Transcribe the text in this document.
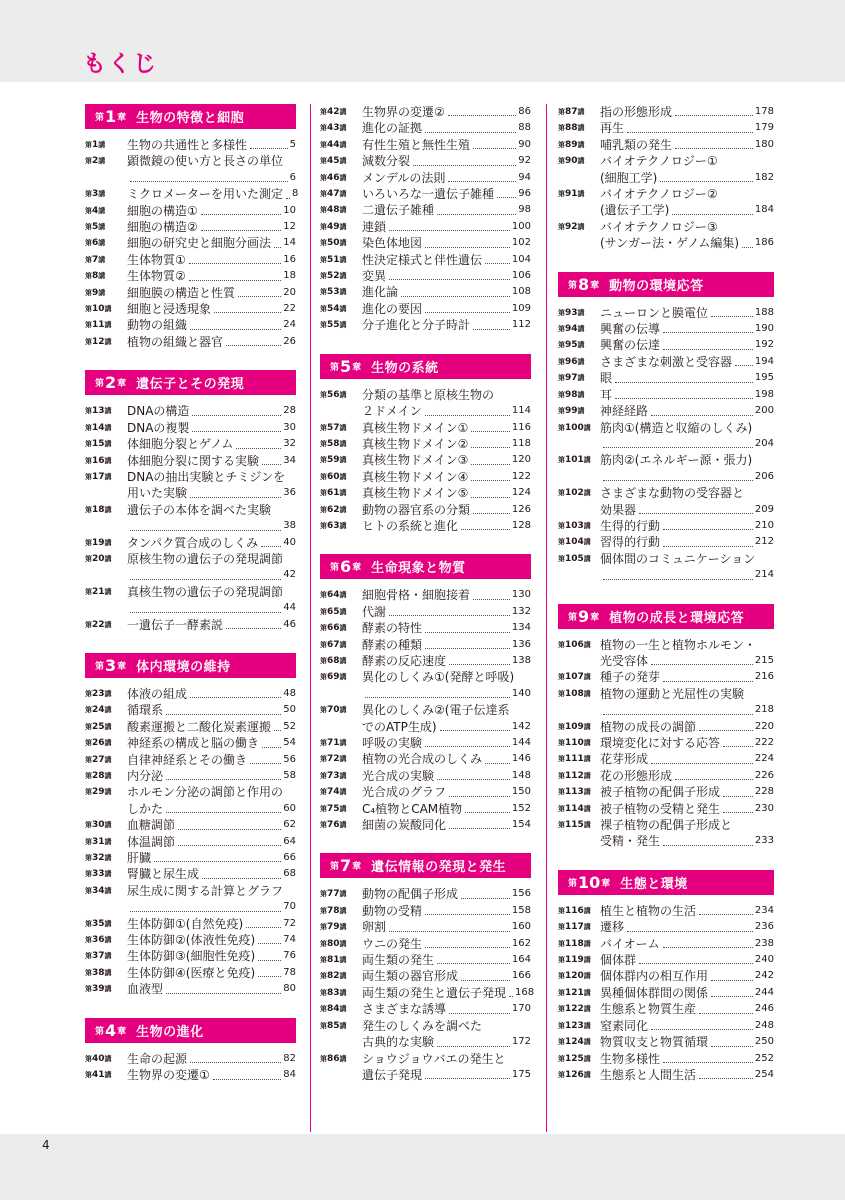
もくじ
第 1 章 生物の特徴と細胞
第1講	生物の共通性と多様性	5
第2講	顕微鏡の使い方と長さの単位
6
第3講	ミクロメーターを用いた測定 8
第4講	細胞の構造①	10
第5講	細胞の構造②	12
第6講	細胞の研究史と細胞分画法 14
第7講	生体物質①	16
第8講	生体物質②	18
第9講	細胞膜の構造と性質	20
第10講	細胞と浸透現象	22
第11講	動物の組織	24
第12講	植物の組織と器官	26
第 2 章 遺伝子とその発現
第13講	DNAの構造	28
第14講	DNAの複製	30
第15講	体細胞分裂とゲノム	32
第16講	体細胞分裂に関する実験 34
第17講	DNAの抽出実験とチミジンを
用いた実験	36
第18講	遺伝子の本体を調べた実験
38
第19講	タンパク質合成のしくみ	40
第20講	原核生物の遺伝子の発現調節
42
第21講	真核生物の遺伝子の発現調節
44
第22講	一遺伝子一酵素説	46
第 3 章 体内環境の維持
第23講	体液の組成	48
第24講	循環系	50
第25講	酸素運搬と二酸化炭素運搬 52
第26講	神経系の構成と脳の働き 54
第27講	自律神経系とその働き	56
第28講	内分泌	58
第29講	ホルモン分泌の調節と作用の
しかた	60
第30講	血糖調節	62
第31講	体温調節	64
第32講	肝臓	66
第33講	腎臓と尿生成	68
第34講	尿生成に関する計算とグラフ
70
第35講	生体防御①(自然免疫)	72
第36講	生体防御②(体液性免疫)	74
第37講	生体防御③(細胞性免疫)	76
第38講	生体防御④(医療と免疫)	78
第39講	血液型	80
第 4 章 生物の進化
第40講	生命の起源	82
第41講	生物界の変遷①	84
第42講	生物界の変遷②	86
第43講	進化の証拠	88
第44講	有性生殖と無性生殖	90
第45講	減数分裂	92
第46講	メンデルの法則	94
第47講	いろいろな一遺伝子雑種 96
第48講	二遺伝子雑種	98
第49講	連鎖	100
第50講	染色体地図	102
第51講	性決定様式と伴性遺伝	104
第52講	変異	106
第53講	進化論	108
第54講	進化の要因	109
第55講	分子進化と分子時計	112
第 5 章 生物の系統
第56講	分類の基準と原核生物の
２ドメイン	114
第57講	真核生物ドメイン①	116
第58講	真核生物ドメイン②	118
第59講	真核生物ドメイン③	120
第60講	真核生物ドメイン④	122
第61講	真核生物ドメイン⑤	124
第62講	動物の器官系の分類	126
第63講	ヒトの系統と進化	128
第 6 章 生命現象と物質
第64講	細胞骨格・細胞接着	130
第65講	代謝	132
第66講	酵素の特性	134
第67講	酵素の種類	136
第68講	酵素の反応速度	138
第69講	異化のしくみ①(発酵と呼吸)
140
第70講	異化のしくみ②(電子伝達系
でのATP生成)	142
第71講	呼吸の実験	144
第72講	植物の光合成のしくみ	146
第73講	光合成の実験	148
第74講	光合成のグラフ	150
第75講	C₄植物とCAM植物	152
第76講	細菌の炭酸同化	154
第 7 章 遺伝情報の発現と発生
第77講	動物の配偶子形成	156
第78講	動物の受精	158
第79講	卵割	160
第80講	ウニの発生	162
第81講	両生類の発生	164
第82講	両生類の器官形成	166
第83講	両生類の発生と遺伝子発現 168
第84講	さまざまな誘導	170
第85講	発生のしくみを調べた
古典的な実験	172
第86講	ショウジョウバエの発生と
遺伝子発現	175
第87講	指の形態形成	178
第88講	再生	179
第89講	哺乳類の発生	180
第90講	バイオテクノロジー①
(細胞工学)	182
第91講	バイオテクノロジー②
(遺伝子工学)	184
第92講	バイオテクノロジー③
(サンガー法・ゲノム編集) 186
第 8 章 動物の環境応答
第93講	ニューロンと膜電位	188
第94講	興奮の伝導	190
第95講	興奮の伝達	192
第96講	さまざまな刺激と受容器 194
第97講	眼	195
第98講	耳	198
第99講	神経経路	200
第100講 筋肉①(構造と収縮のしくみ)
204
第101講 筋肉②(エネルギー源・張力)
206
第102講 さまざまな動物の受容器と
効果器	209
第103講 生得的行動	210
第104講 習得的行動	212
第105講 個体間のコミュニケーション
214
第 9 章 植物の成長と環境応答
第106講 植物の一生と植物ホルモン・
光受容体	215
第107講 種子の発芽	216
第108講 植物の運動と光屈性の実験
218
第109講 植物の成長の調節	220
第110講 環境変化に対する応答	222
第111講 花芽形成	224
第112講 花の形態形成	226
第113講 被子植物の配偶子形成	228
第114講 被子植物の受精と発生	230
第115講 裸子植物の配偶子形成と
受精・発生	233
第 10 章 生態と環境
第116講 植生と植物の生活	234
第117講 遷移	236
第118講 バイオーム	238
第119講 個体群	240
第120講 個体群内の相互作用	242
第121講 異種個体群間の関係	244
第122講 生態系と物質生産	246
第123講 窒素同化	248
第124講 物質収支と物質循環	250
第125講 生物多様性	252
第126講 生態系と人間生活	254
4
